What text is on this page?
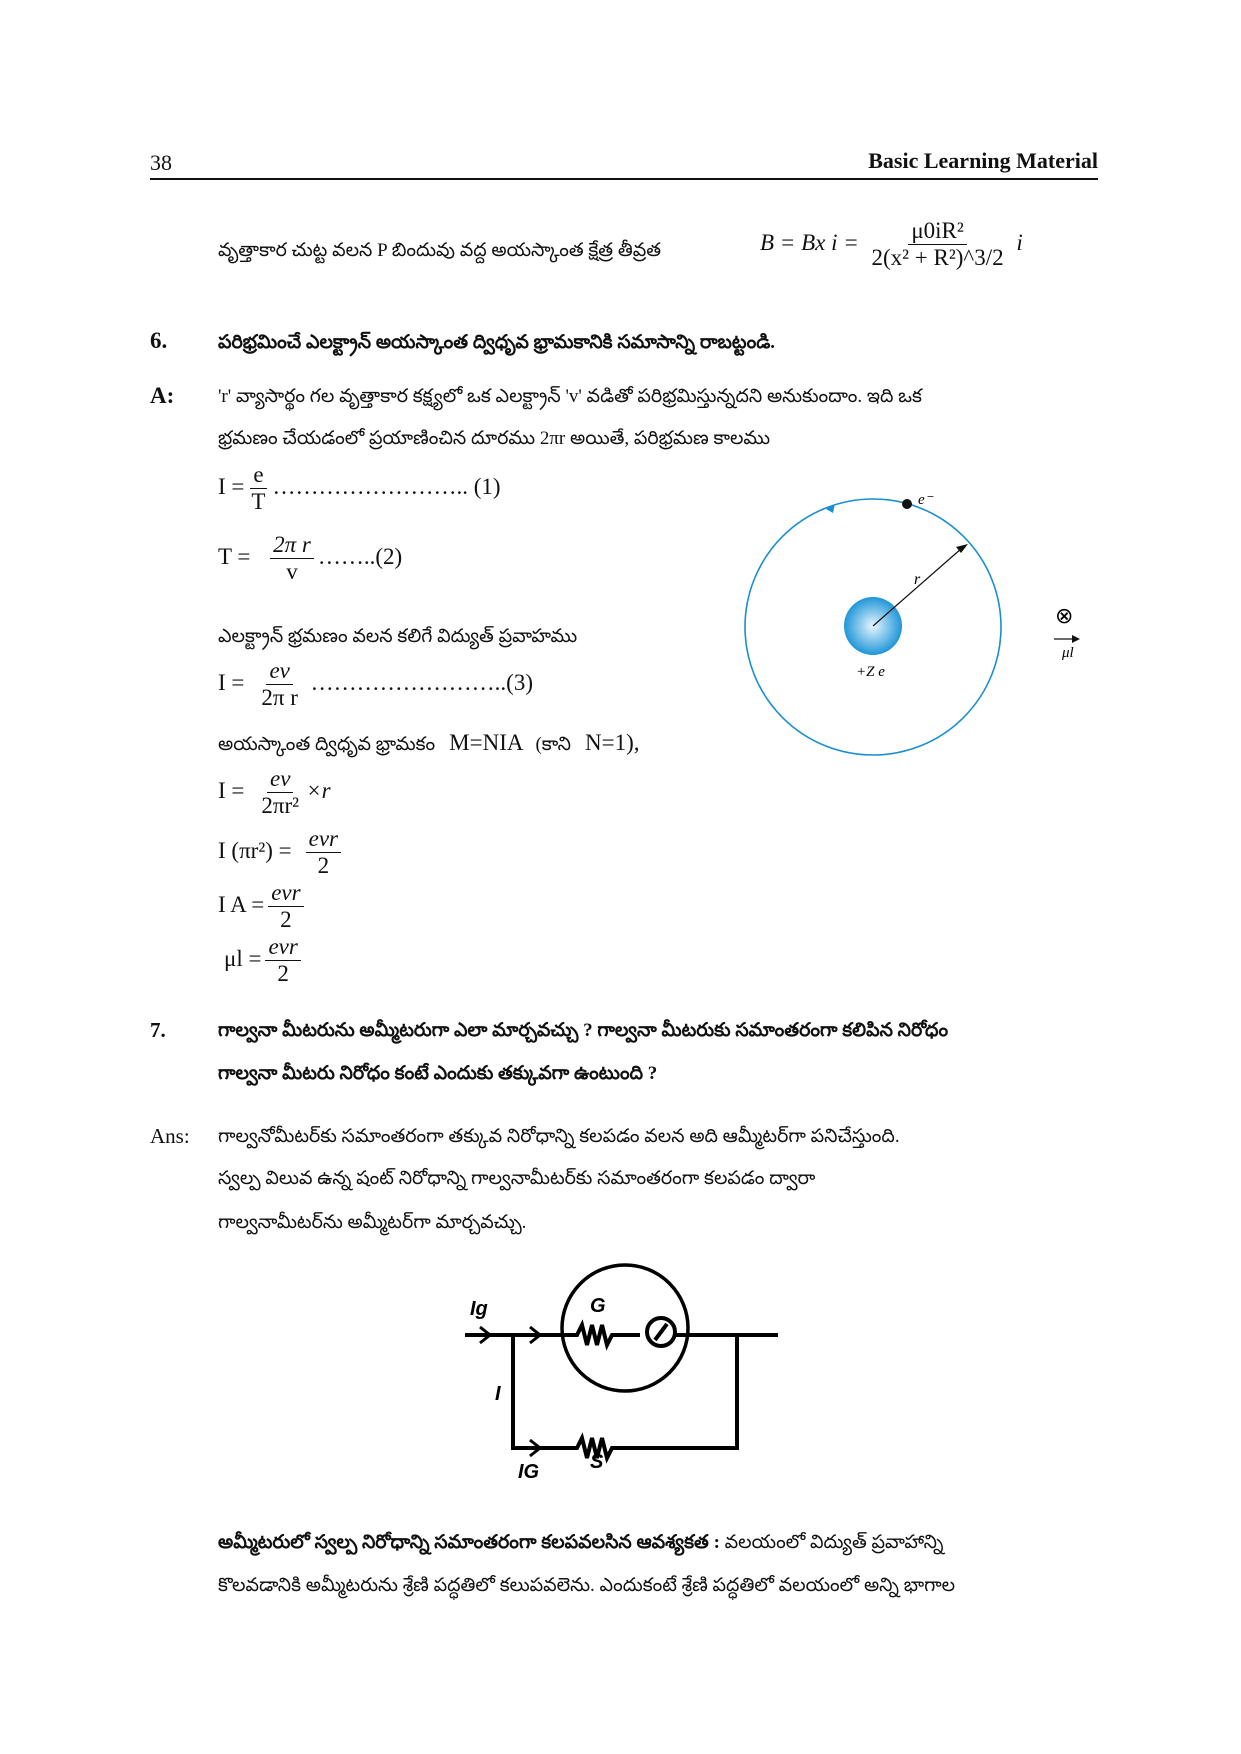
38	Basic Learning Material
వృత్తాకార చుట్ట వలన P బిందువు వద్ద అయస్కాంత క్షేత్ర తీవ్రత	B = Bx $i = \frac{\text{μ0iR²}}{\text{2(x² + R²)\textasciicircum{}3/2}}$ i
6.	పరిభ్రమించే ఎలక్ట్రాన్ అయస్కాంత ద్విధృవ భ్రామకానికి సమాసాన్ని రాబట్టండి.
A: 'r' వ్యాసార్థం గల వృత్తాకార కక్ష్యలో ఒక ఎలక్ట్రాన్ 'v' వడితో పరిభ్రమిస్తున్నదని అనుకుందాం. ఇది ఒక
భ్రమణం చేయడంలో ప్రయాణించిన దూరము 2πr అయితే, పరిభ్రమణ కాలము
$I = \frac{e}{T}$ …………………….. (1)
$T = \frac{\text{2π r}}{v}$ ……..(2)
ఎలక్ట్రాన్ భ్రమణం వలన కలిగే విద్యుత్ ప్రవాహము
$I = \frac{ev}{\text{2π r}}$ ……………………..(3)
అయస్కాంత ద్విధృవ భ్రామకం M=NIA (కాని N=1),
$I = \frac{ev}{\text{2πr²}} \times r$
I $(\pi r^2) = \frac{\text{evr}}{2}$
I $A = \frac{\text{evr}}{2}$
$\mu l = \frac{\text{evr}}{2}$
e⁻
r
+Z e
⊗
μl
7.	గాల్వనా మీటరును అమ్మీటరుగా ఎలా మార్చవచ్చు ? గాల్వనా మీటరుకు సమాంతరంగా కలిపిన నిరోధం
గాల్వనా మీటరు నిరోధం కంటే ఎందుకు తక్కువగా ఉంటుంది ?
Ans: గాల్వనోమీటర్‌కు సమాంతరంగా తక్కువ నిరోధాన్ని కలపడం వలన అది ఆమ్మీటర్‌గా పనిచేస్తుంది.
స్వల్ప విలువ ఉన్న షంట్ నిరోధాన్ని గాల్వనామీటర్‌కు సమాంతరంగా కలపడం ద్వారా
గాల్వనామీటర్‌ను అమ్మీటర్‌గా మార్చవచ్చు.
Ig
I
G
S
IG
అమ్మీటరులో స్వల్ప నిరోధాన్ని సమాంతరంగా కలపవలసిన ఆవశ్యకత : వలయంలో విద్యుత్ ప్రవాహాన్ని
కొలవడానికి అమ్మీటరును శ్రేణి పద్ధతిలో కలుపవలెను. ఎందుకంటే శ్రేణి పద్ధతిలో వలయంలో అన్ని భాగాల
